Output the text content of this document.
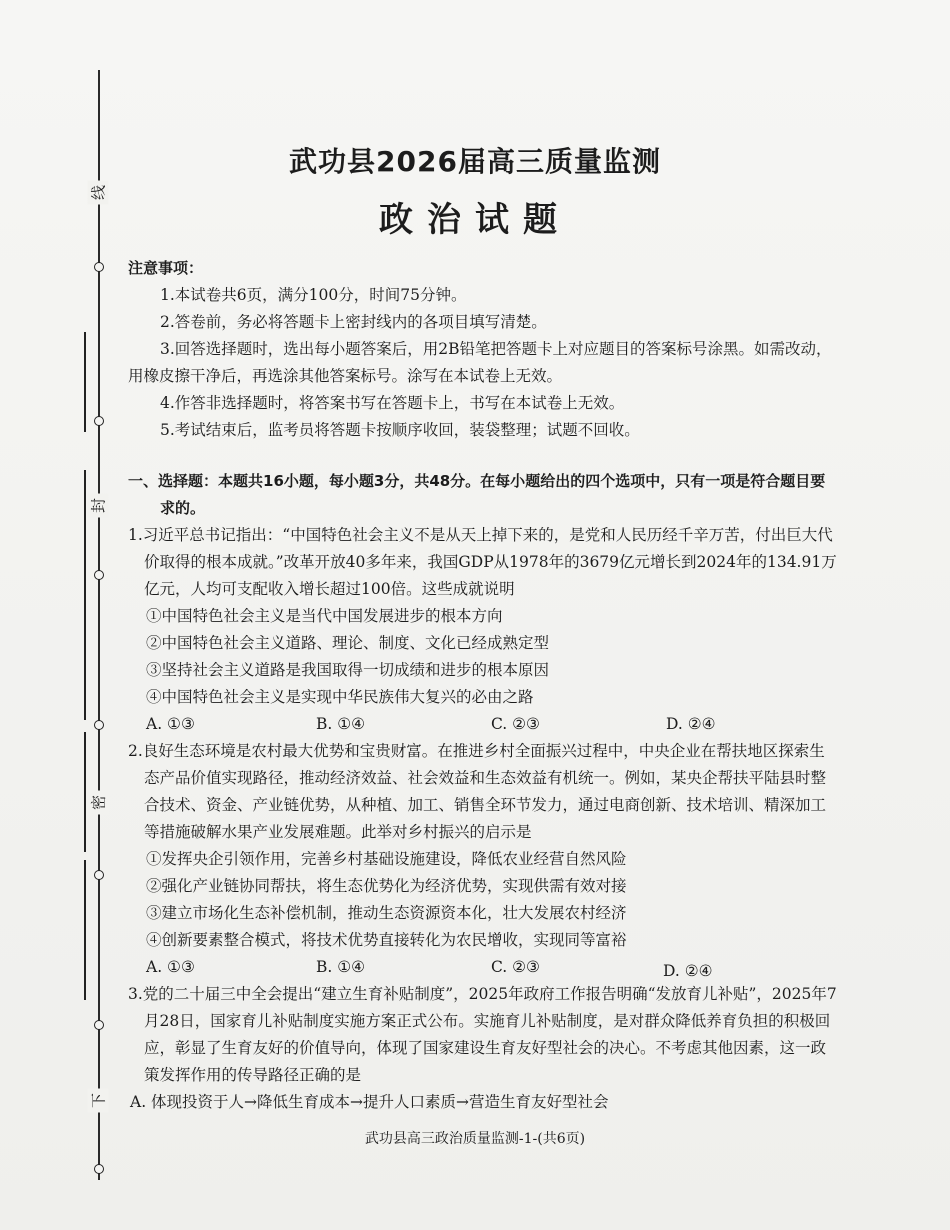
线
封
密
下
武功县2026届高三质量监测
政治试题
注意事项：
1.本试卷共6页，满分100分，时间75分钟。
2.答卷前，务必将答题卡上密封线内的各项目填写清楚。
3.回答选择题时，选出每小题答案后，用2B铅笔把答题卡上对应题目的答案标号涂黑。如需改动，用橡皮擦干净后，再选涂其他答案标号。涂写在本试卷上无效。
4.作答非选择题时，将答案书写在答题卡上，书写在本试卷上无效。
5.考试结束后，监考员将答题卡按顺序收回，装袋整理；试题不回收。
一、选择题：本题共16小题，每小题3分，共48分。在每小题给出的四个选项中，只有一项是符合题目要求的。
1.习近平总书记指出：“中国特色社会主义不是从天上掉下来的，是党和人民历经千辛万苦，付出巨大代价取得的根本成就。”改革开放40多年来，我国GDP从1978年的3679亿元增长到2024年的134.91万亿元，人均可支配收入增长超过100倍。这些成就说明
①中国特色社会主义是当代中国发展进步的根本方向
②中国特色社会主义道路、理论、制度、文化已经成熟定型
③坚持社会主义道路是我国取得一切成绩和进步的根本原因
④中国特色社会主义是实现中华民族伟大复兴的必由之路
A. ①③	B. ①④	C. ②③	D. ②④
2.良好生态环境是农村最大优势和宝贵财富。在推进乡村全面振兴过程中，中央企业在帮扶地区探索生态产品价值实现路径，推动经济效益、社会效益和生态效益有机统一。例如，某央企帮扶平陆县时整合技术、资金、产业链优势，从种植、加工、销售全环节发力，通过电商创新、技术培训、精深加工等措施破解水果产业发展难题。此举对乡村振兴的启示是
①发挥央企引领作用，完善乡村基础设施建设，降低农业经营自然风险
②强化产业链协同帮扶，将生态优势化为经济优势，实现供需有效对接
③建立市场化生态补偿机制，推动生态资源资本化，壮大发展农村经济
④创新要素整合模式，将技术优势直接转化为农民增收，实现同等富裕
A. ①③	B. ①④	C. ②③	D. ②④
3.党的二十届三中全会提出“建立生育补贴制度”，2025年政府工作报告明确“发放育儿补贴”，2025年7月28日，国家育儿补贴制度实施方案正式公布。实施育儿补贴制度，是对群众降低养育负担的积极回应，彰显了生育友好的价值导向，体现了国家建设生育友好型社会的决心。不考虑其他因素，这一政策发挥作用的传导路径正确的是
A. 体现投资于人→降低生育成本→提升人口素质→营造生育友好型社会
武功县高三政治质量监测-1-(共6页)
